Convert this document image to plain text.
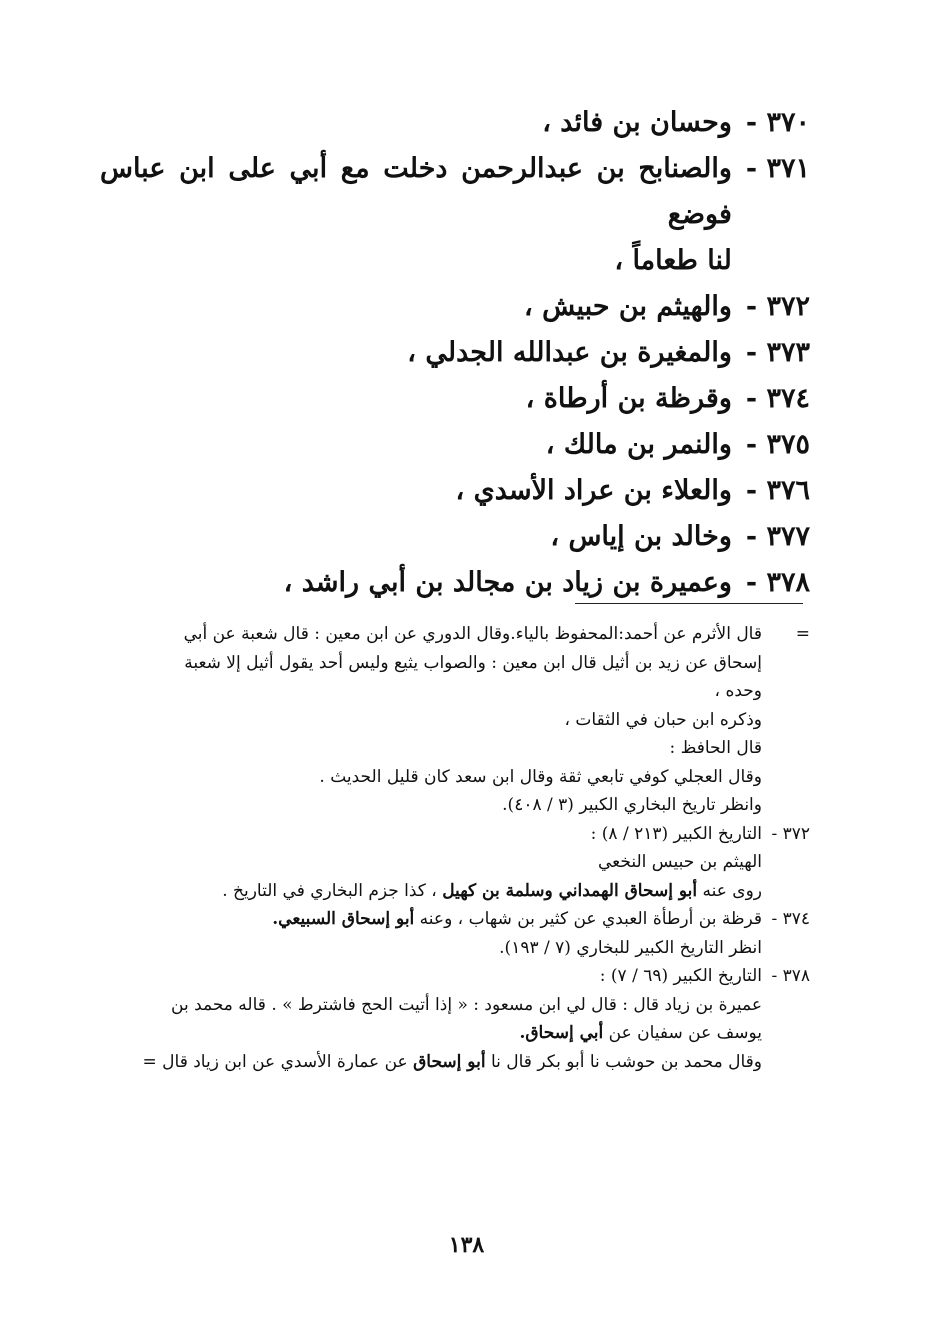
٣٧٠ -
وحسان بن فائد ،
٣٧١ -
والصنابح بن عبدالرحمن دخلت مع أبي على ابن عباس فوضع
لنا طعاماً ،
٣٧٢ -
والهيثم بن حبيش ،
٣٧٣ -
والمغيرة بن عبدالله الجدلي ،
٣٧٤ -
وقرظة بن أرطاة ،
٣٧٥ -
والنمر بن مالك ،
٣٧٦ -
والعلاء بن عراد الأسدي ،
٣٧٧ -
وخالد بن إياس ،
٣٧٨ -
وعميرة بن زياد بن مجالد بن أبي راشد ،
=
قال الأثرم عن أحمد:المحفوظ بالياء.وقال الدوري عن ابن معين : قال شعبة عن أبي
إسحاق عن زيد بن أثيل قال ابن معين : والصواب يثيع وليس أحد يقول أثيل إلا شعبة
وحده ،
وذكره ابن حبان في الثقات ،
قال الحافظ :
وقال العجلي كوفي تابعي ثقة وقال ابن سعد كان قليل الحديث .
وانظر تاريخ البخاري الكبير (٣ / ٤٠٨).
٣٧٢ -
التاريخ الكبير (٢١٣ / ٨) :
الهيثم بن حبيس النخعي
روى عنه أبو إسحاق الهمداني وسلمة بن كهيل ، كذا جزم البخاري في التاريخ .
٣٧٤ -
قرظة بن أرطأة العبدي عن كثير بن شهاب ، وعنه أبو إسحاق السبيعي.
انظر التاريخ الكبير للبخاري (٧ / ١٩٣).
٣٧٨ -
التاريخ الكبير (٦٩ / ٧) :
عميرة بن زياد قال : قال لي ابن مسعود : « إذا أتيت الحج فاشترط » . قاله محمد بن
يوسف عن سفيان عن أبي إسحاق.
وقال محمد بن حوشب نا أبو بكر قال نا أبو إسحاق عن عمارة الأسدي عن ابن زياد قال =
١٣٨
